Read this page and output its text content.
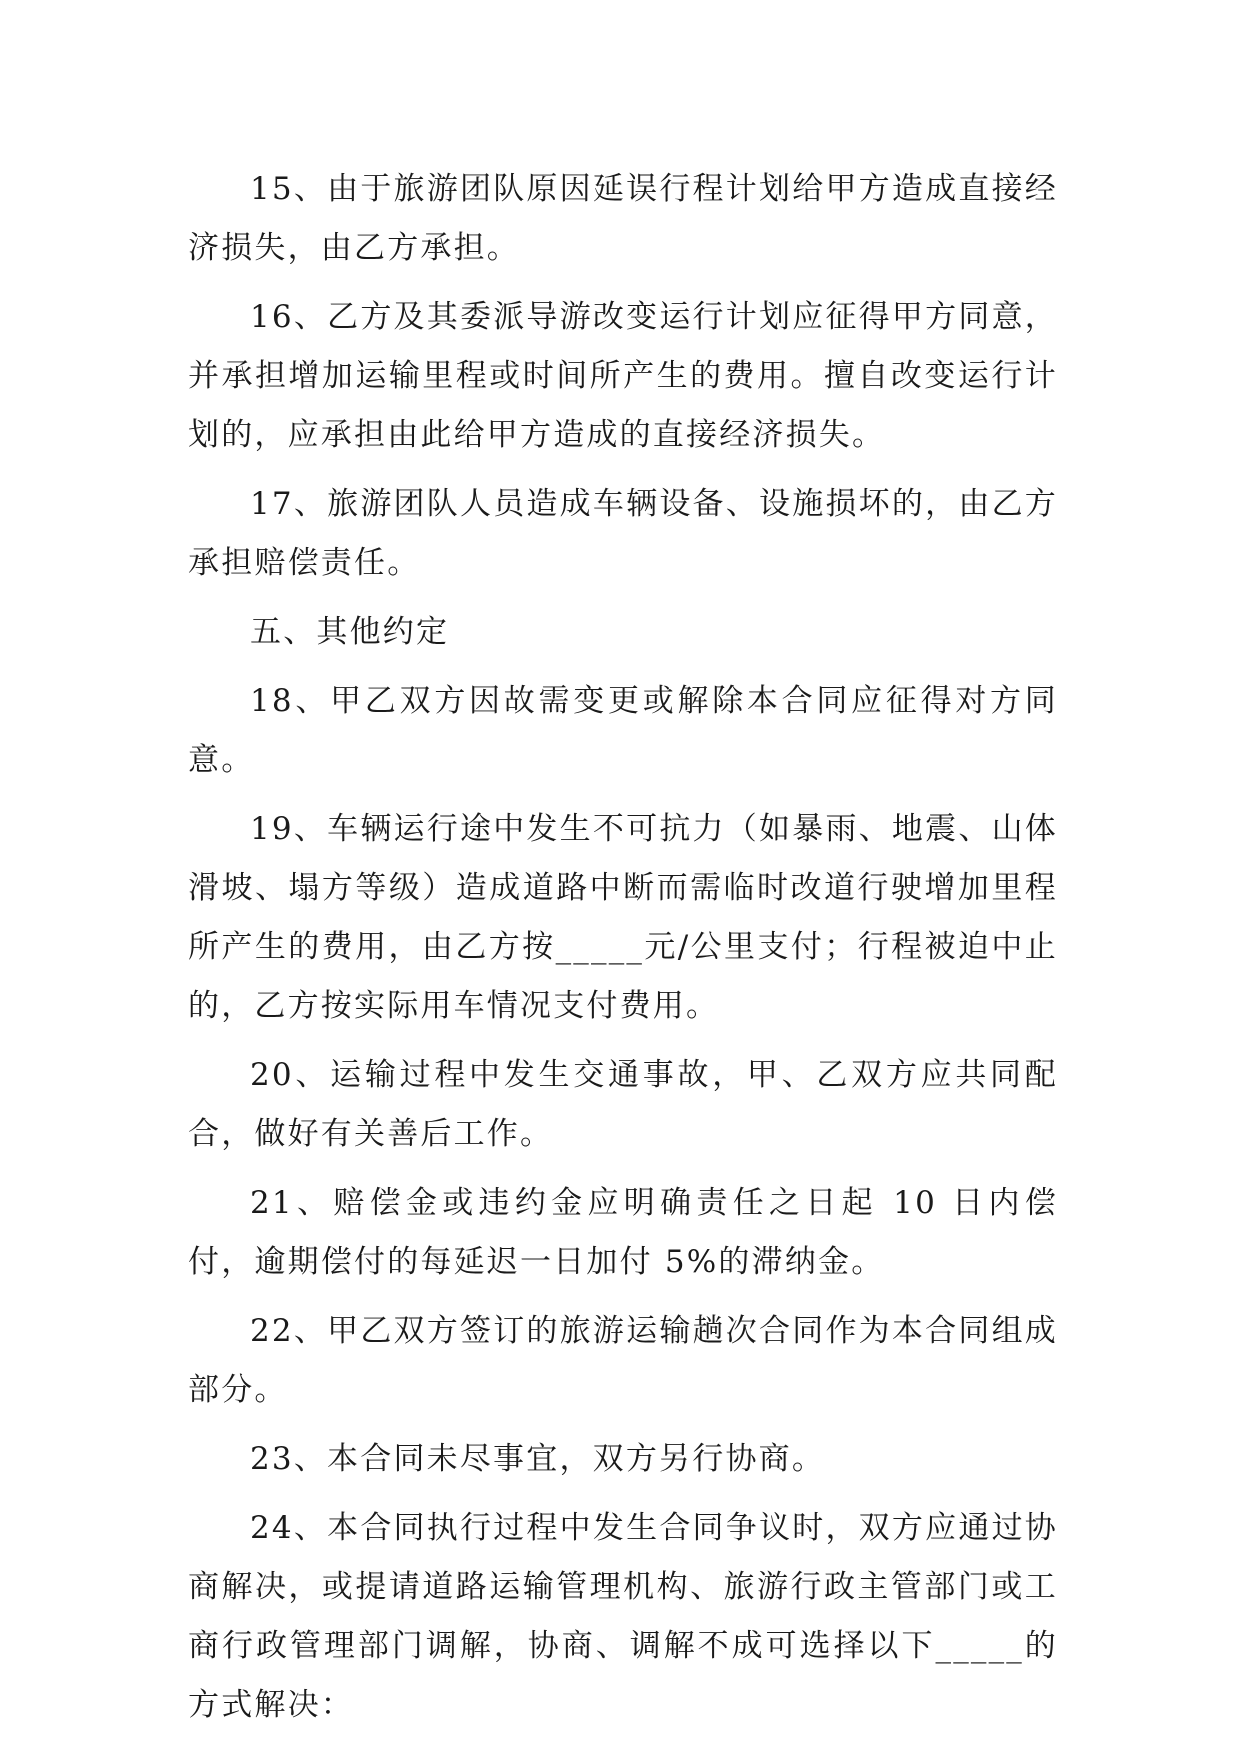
15、由于旅游团队原因延误行程计划给甲方造成直接经济损失，由乙方承担。

16、乙方及其委派导游改变运行计划应征得甲方同意，并承担增加运输里程或时间所产生的费用。擅自改变运行计划的，应承担由此给甲方造成的直接经济损失。

17、旅游团队人员造成车辆设备、设施损坏的，由乙方承担赔偿责任。

五、其他约定

18、甲乙双方因故需变更或解除本合同应征得对方同意。

19、车辆运行途中发生不可抗力（如暴雨、地震、山体滑坡、塌方等级）造成道路中断而需临时改道行驶增加里程所产生的费用，由乙方按_____元/公里支付；行程被迫中止的，乙方按实际用车情况支付费用。

20、运输过程中发生交通事故，甲、乙双方应共同配合，做好有关善后工作。

21、赔偿金或违约金应明确责任之日起 10 日内偿付，逾期偿付的每延迟一日加付 5%的滞纳金。

22、甲乙双方签订的旅游运输趟次合同作为本合同组成部分。

23、本合同未尽事宜，双方另行协商。

24、本合同执行过程中发生合同争议时，双方应通过协商解决，或提请道路运输管理机构、旅游行政主管部门或工商行政管理部门调解，协商、调解不成可选择以下_____的方式解决：
